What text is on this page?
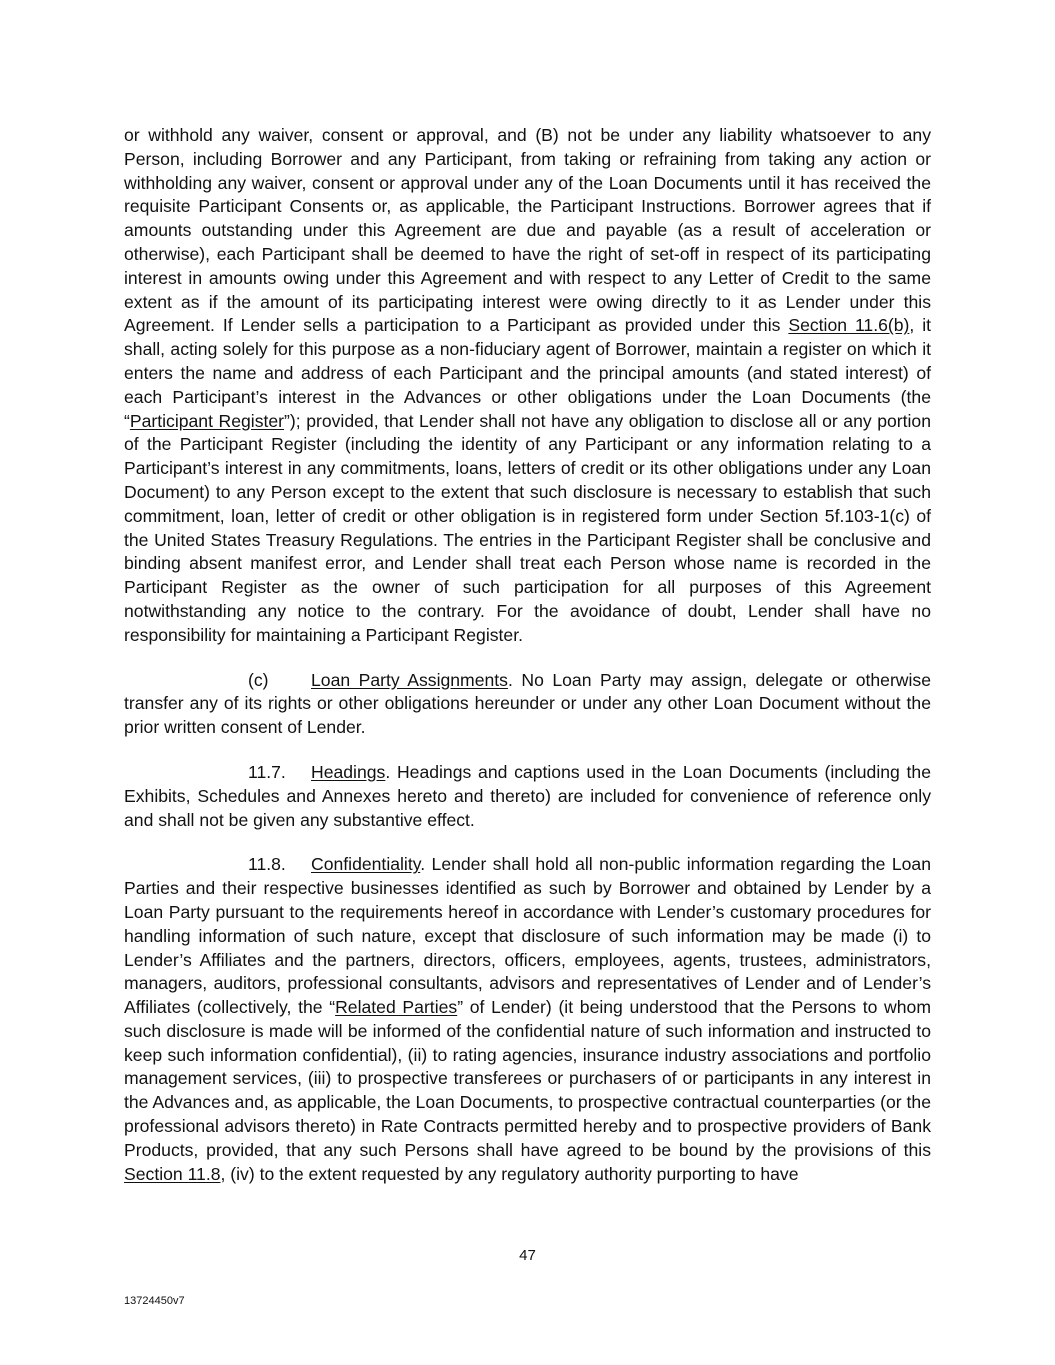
or withhold any waiver, consent or approval, and (B) not be under any liability whatsoever to any Person, including Borrower and any Participant, from taking or refraining from taking any action or withholding any waiver, consent or approval under any of the Loan Documents until it has received the requisite Participant Consents or, as applicable, the Participant Instructions. Borrower agrees that if amounts outstanding under this Agreement are due and payable (as a result of acceleration or otherwise), each Participant shall be deemed to have the right of set-off in respect of its participating interest in amounts owing under this Agreement and with respect to any Letter of Credit to the same extent as if the amount of its participating interest were owing directly to it as Lender under this Agreement. If Lender sells a participation to a Participant as provided under this Section 11.6(b), it shall, acting solely for this purpose as a non-fiduciary agent of Borrower, maintain a register on which it enters the name and address of each Participant and the principal amounts (and stated interest) of each Participant’s interest in the Advances or other obligations under the Loan Documents (the “Participant Register”); provided, that Lender shall not have any obligation to disclose all or any portion of the Participant Register (including the identity of any Participant or any information relating to a Participant’s interest in any commitments, loans, letters of credit or its other obligations under any Loan Document) to any Person except to the extent that such disclosure is necessary to establish that such commitment, loan, letter of credit or other obligation is in registered form under Section 5f.103-1(c) of the United States Treasury Regulations. The entries in the Participant Register shall be conclusive and binding absent manifest error, and Lender shall treat each Person whose name is recorded in the Participant Register as the owner of such participation for all purposes of this Agreement notwithstanding any notice to the contrary. For the avoidance of doubt, Lender shall have no responsibility for maintaining a Participant Register.

(c) Loan Party Assignments. No Loan Party may assign, delegate or otherwise transfer any of its rights or other obligations hereunder or under any other Loan Document without the prior written consent of Lender.

11.7. Headings. Headings and captions used in the Loan Documents (including the Exhibits, Schedules and Annexes hereto and thereto) are included for convenience of reference only and shall not be given any substantive effect.

11.8. Confidentiality. Lender shall hold all non-public information regarding the Loan Parties and their respective businesses identified as such by Borrower and obtained by Lender by a Loan Party pursuant to the requirements hereof in accordance with Lender’s customary procedures for handling information of such nature, except that disclosure of such information may be made (i) to Lender’s Affiliates and the partners, directors, officers, employees, agents, trustees, administrators, managers, auditors, professional consultants, advisors and representatives of Lender and of Lender’s Affiliates (collectively, the “Related Parties” of Lender) (it being understood that the Persons to whom such disclosure is made will be informed of the confidential nature of such information and instructed to keep such information confidential), (ii) to rating agencies, insurance industry associations and portfolio management services, (iii) to prospective transferees or purchasers of or participants in any interest in the Advances and, as applicable, the Loan Documents, to prospective contractual counterparties (or the professional advisors thereto) in Rate Contracts permitted hereby and to prospective providers of Bank Products, provided, that any such Persons shall have agreed to be bound by the provisions of this Section 11.8, (iv) to the extent requested by any regulatory authority purporting to have

47
13724450v7
